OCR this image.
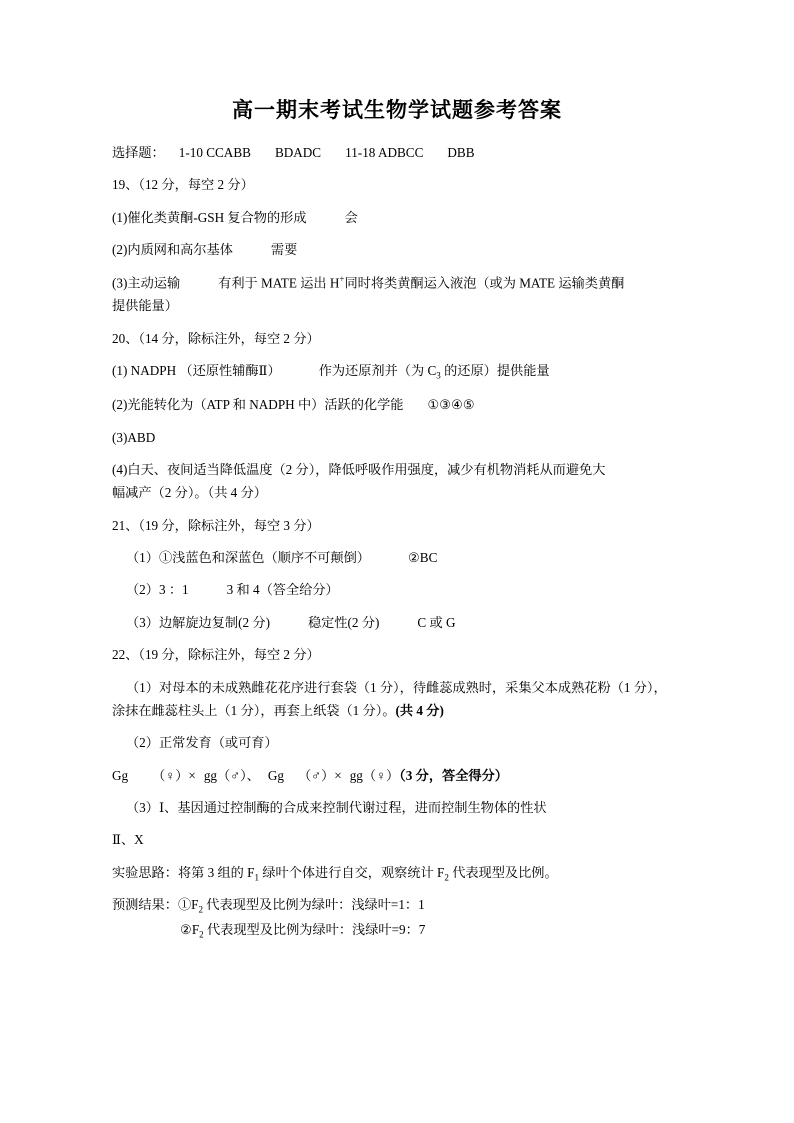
高一期末考试生物学试题参考答案
选择题： 1-10 CCABB BDADC 11-18 ADBCC DBB
19、（12 分，每空 2 分）
(1)催化类黄酮-GSH 复合物的形成	会
(2)内质网和高尔基体	需要
(3)主动运输	有利于 MATE 运出 H+同时将类黄酮运入液泡（或为 MATE 运输类黄酮
提供能量）
20、（14 分，除标注外，每空 2 分）
(1) NADPH （还原性辅酶Ⅱ）	作为还原剂并（为 $C_3$ 的还原）提供能量
(2)光能转化为（ATP 和 NADPH 中）活跃的化学能 ①③④⑤
(3)ABD
(4)白天、夜间适当降低温度（2 分），降低呼吸作用强度，减少有机物消耗从而避免大
幅减产（2 分）。（共 4 分）
21、（19 分，除标注外，每空 3 分）
（1）①浅蓝色和深蓝色（顺序不可颠倒）	②BC
（2）3 ：1	3 和 4（答全给分）
（3）边解旋边复制(2 分)	稳定性(2 分)	C 或 G
22、（19 分，除标注外，每空 2 分）
（1）对母本的未成熟雌花花序进行套袋（1 分），待雌蕊成熟时，采集父本成熟花粉（1 分），
涂抹在雌蕊柱头上（1 分），再套上纸袋（1 分）。(共 4 分)
（2）正常发育（或可育）
Gg （♀）× gg（♂）、 Gg （♂）× gg（♀）（3 分，答全得分）
（3）Ⅰ、基因通过控制酶的合成来控制代谢过程，进而控制生物体的性状
Ⅱ、X
实验思路：将第 3 组的 $F_1$ 绿叶个体进行自交，观察统计 $F_2$ 代表现型及比例。
预测结果：$①F_2$ 代表现型及比例为绿叶：浅绿叶=1：1
$②F_2$ 代表现型及比例为绿叶：浅绿叶=9：7
